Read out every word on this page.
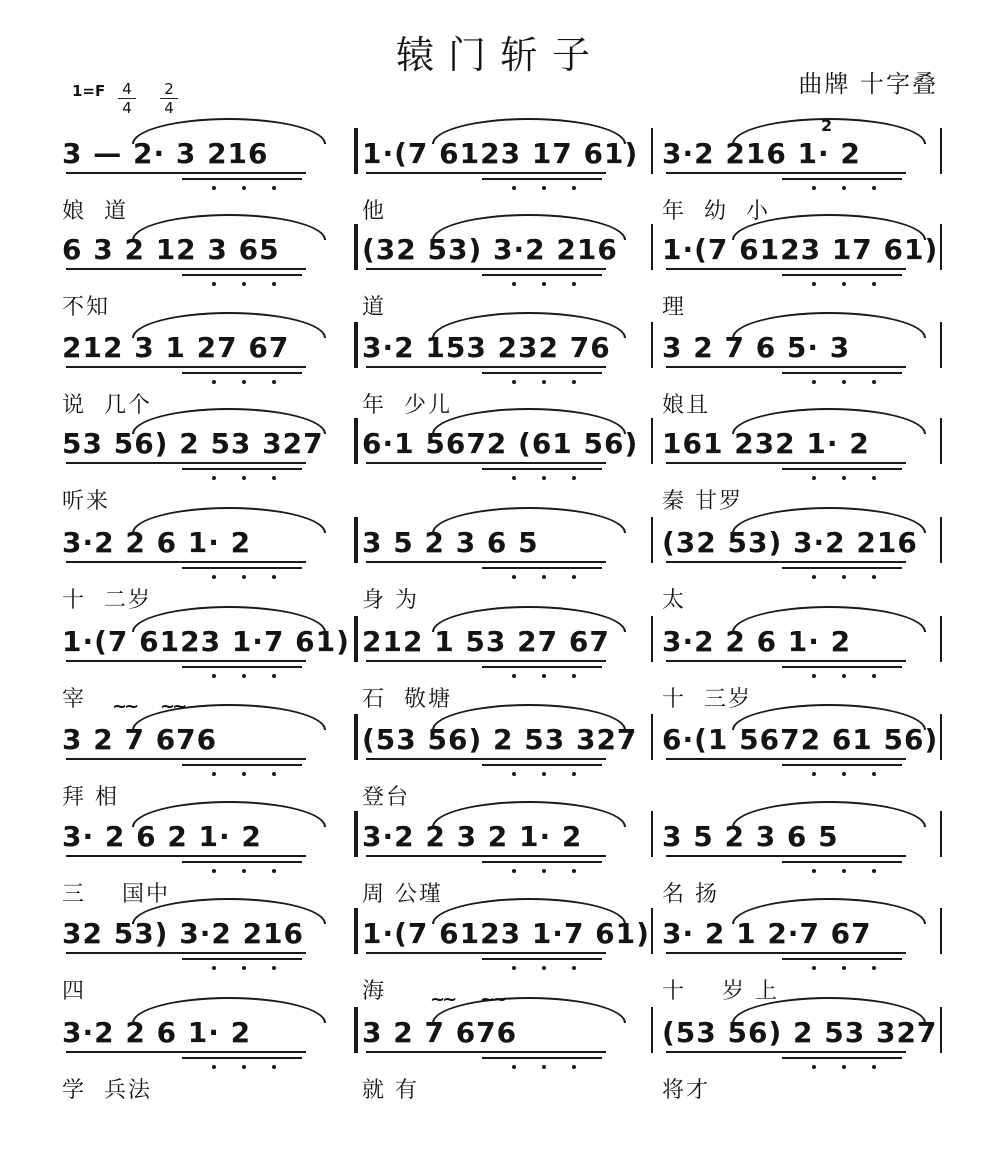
辕门斩子
曲牌 十字叠
$1=F \frac{4}{4} \frac{2}{4}$
3 — 2· 3 216	1·(7 6123 17 61) 3·2 216 1· 2
娘  道	他	年  幼  小
6 3 2 12 3 65	(32 53) 3·2 216 1·(7 6123 17 61)
不知	道	理
212 3 1 27 67	3·2 153 232 76 3 2 7 6 5· 3
说  几个	年  少儿	娘且
53 56) 2 53 327 6·1 5672 (61 56) 161 232 1· 2
听来	秦 甘罗
3·2 2 6 1· 2	3 5 2 3 6 5	(32 53) 3·2 216
十  二岁	身 为	太
1·(7 6123 1·7 61) 212 1 53 27 67 3·2 2 6 1· 2
宰	石  敬塘	十  三岁
3 2 7 676	(53 56) 2 53 327 6·(1 5672 61 56)
拜 相	登台
3· 2 6 2 1· 2	3·2 2 3 2 1· 2	3 5 2 3 6 5
三    国中	周 公瑾	名 扬
32 53) 3·2 216 1·(7 6123 1·7 61) 3· 2 1 2·7 67
四	海	十    岁 上
3·2 2 6 1· 2	3 2 7 676	(53 56) 2 53 327
学  兵法	就 有	将才
~~ ~~
~~ ~~
2
